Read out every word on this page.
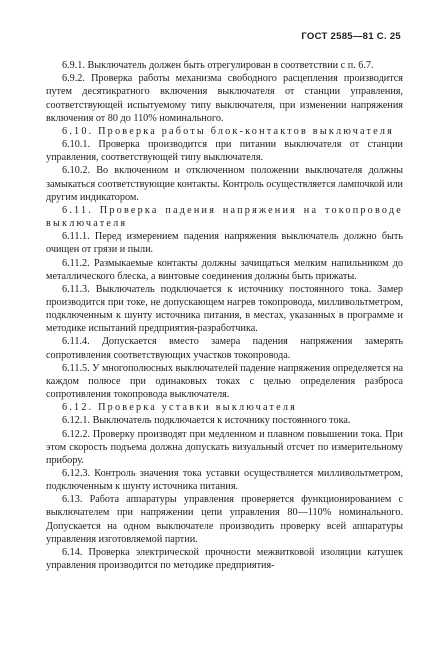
ГОСТ 2585—81 С. 25

6.9.1. Выключатель должен быть отрегулирован в соответствии с п. 6.7.

6.9.2. Проверка работы механизма свободного расцепления производится путем десятикратного включения выключателя от станции управления, соответствующей испытуемому типу выключателя, при изменении напряжения включения от 80 до 110% номинального.

6.10. Проверка работы блок-контактов выключателя

6.10.1. Проверка производится при питании выключателя от станции управления, соответствующей типу выключателя.

6.10.2. Во включенном и отключенном положении выключателя должны замыкаться соответствующие контакты. Контроль осуществляется лампочкой или другим индикатором.

6.11. Проверка падения напряжения на токопроводе выключателя

6.11.1. Перед измерением падения напряжения выключатель должно быть очищен от грязи и пыли.

6.11.2. Размыкаемые контакты должны зачищаться мелким напильником до металлического блеска, а винтовые соединения должны быть прижаты.

6.11.3. Выключатель подключается к источнику постоянного тока. Замер производится при токе, не допускающем нагрев токопровода, милливольтметром, подключенным к шунту источника питания, в местах, указанных в программе и методике испытаний предприятия-разработчика.

6.11.4. Допускается вместо замера падения напряжения замерять сопротивления соответствующих участков токопровода.

6.11.5. У многополюсных выключателей падение напряжения определяется на каждом полюсе при одинаковых токах с целью определения разброса сопротивления токопровода выключателя.

6.12. Проверка уставки выключателя

6.12.1. Выключатель подключается к источнику постоянного тока.

6.12.2. Проверку производят при медленном и плавном повышении тока. При этом скорость подъема должна допускать визуальный отсчет по измерительному прибору.

6.12.3. Контроль значения тока уставки осуществляется милливольтметром, подключенным к шунту источника питания.

6.13. Работа аппаратуры управления проверяется функционированием с выключателем при напряжении цепи управления 80—110% номинального. Допускается на одном выключателе производить проверку всей аппаратуры управления изготовляемой партии.

6.14. Проверка электрической прочности межвитковой изоляции катушек управления производится по методике предприятия-
